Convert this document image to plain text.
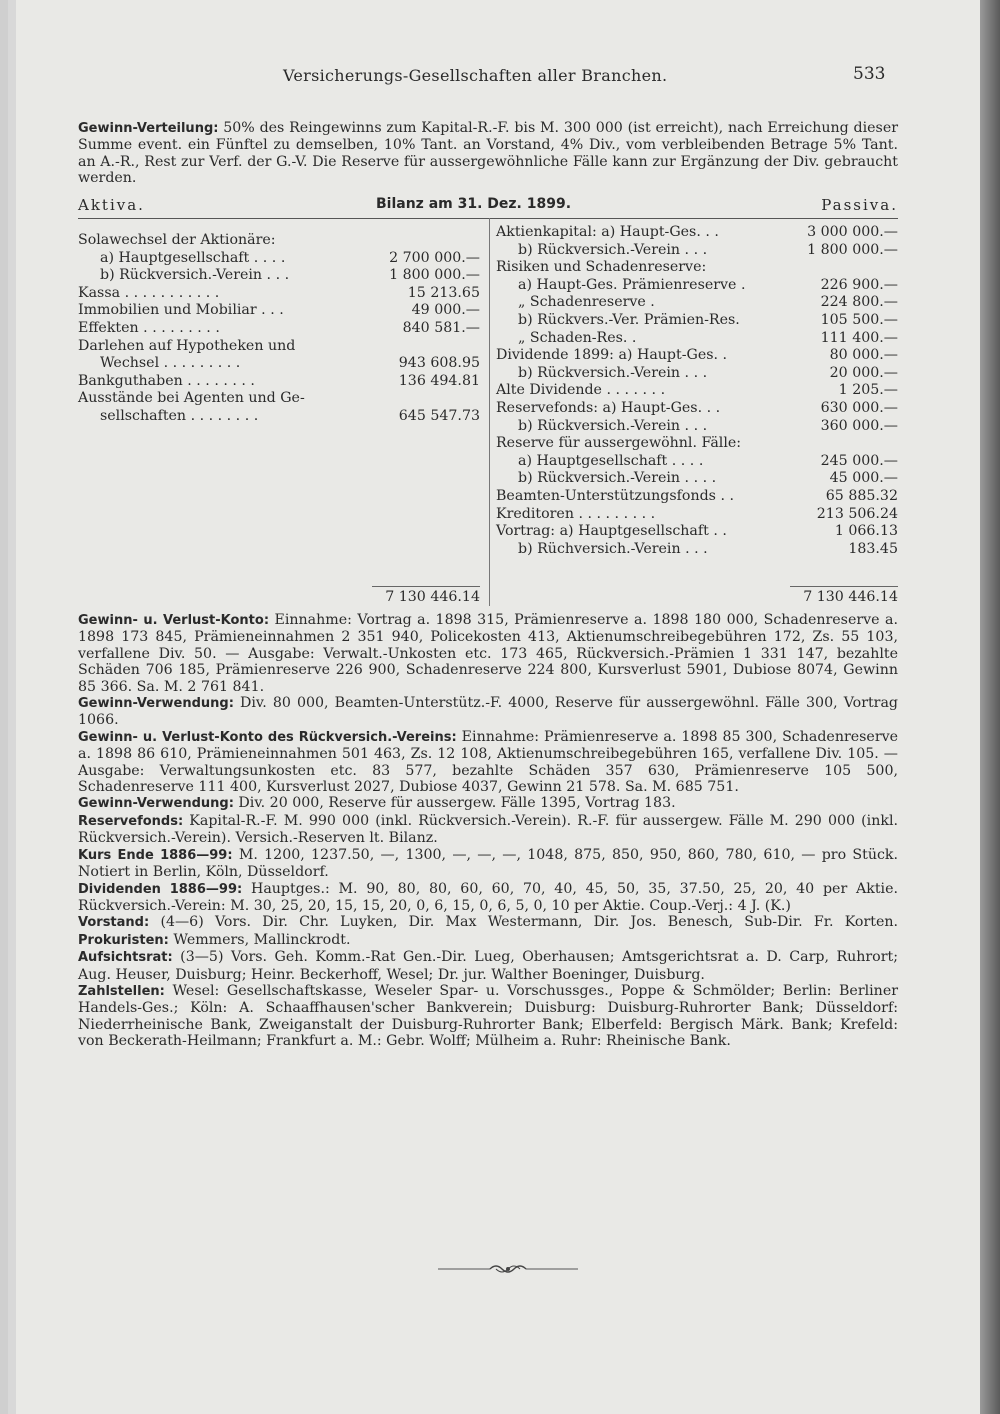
Versicherungs-Gesellschaften aller Branchen.	533
Gewinn-Verteilung: 50% des Reingewinns zum Kapital-R.-F. bis M. 300 000 (ist erreicht), nach Erreichung dieser Summe event. ein Fünftel zu demselben, 10% Tant. an Vorstand, 4% Div., vom verbleibenden Betrage 5% Tant. an A.-R., Rest zur Verf. der G.-V. Die Reserve für aussergewöhnliche Fälle kann zur Ergänzung der Div. gebraucht werden.
Aktiva.	Bilanz am 31. Dez. 1899.	Passiva.
Solawechsel der Aktionäre:
a) Hauptgesellschaft . . . .	2 700 000.—
b) Rückversich.-Verein . . .	1 800 000.—
Kassa . . . . . . . . . . .	15 213.65
Immobilien und Mobiliar . . .	49 000.—
Effekten . . . . . . . . .	840 581.—
Darlehen auf Hypotheken und
Wechsel . . . . . . . . .	943 608.95
Bankguthaben . . . . . . . .	136 494.81
Ausstände bei Agenten und Ge-
sellschaften . . . . . . . .	645 547.73
Aktienkapital: a) Haupt-Ges. . .	3 000 000.—
b) Rückversich.-Verein . . .	1 800 000.—
Risiken und Schadenreserve:
a) Haupt-Ges. Prämienreserve .	226 900.—
„ Schadenreserve .	224 800.—
b) Rückvers.-Ver. Prämien-Res.	105 500.—
„ Schaden-Res. .	111 400.—
Dividende 1899: a) Haupt-Ges. .	80 000.—
b) Rückversich.-Verein . . .	20 000.—
Alte Dividende . . . . . . .	1 205.—
Reservefonds: a) Haupt-Ges. . .	630 000.—
b) Rückversich.-Verein . . .	360 000.—
Reserve für aussergewöhnl. Fälle:
a) Hauptgesellschaft . . . .	245 000.—
b) Rückversich.-Verein . . . .	45 000.—
Beamten-Unterstützungsfonds . .	65 885.32
Kreditoren . . . . . . . . .	213 506.24
Vortrag: a) Hauptgesellschaft . .	1 066.13
b) Rüchversich.-Verein . . .	183.45
7 130 446.14	7 130 446.14
Gewinn- u. Verlust-Konto: Einnahme: Vortrag a. 1898 315, Prämienreserve a. 1898 180 000, Schadenreserve a. 1898 173 845, Prämieneinnahmen 2 351 940, Policekosten 413, Aktienumschreibegebühren 172, Zs. 55 103, verfallene Div. 50. — Ausgabe: Verwalt.-Unkosten etc. 173 465, Rückversich.-Prämien 1 331 147, bezahlte Schäden 706 185, Prämienreserve 226 900, Schadenreserve 224 800, Kursverlust 5901, Dubiose 8074, Gewinn 85 366. Sa. M. 2 761 841.
Gewinn-Verwendung: Div. 80 000, Beamten-Unterstütz.-F. 4000, Reserve für aussergewöhnl. Fälle 300, Vortrag 1066.
Gewinn- u. Verlust-Konto des Rückversich.-Vereins: Einnahme: Prämienreserve a. 1898 85 300, Schadenreserve a. 1898 86 610, Prämieneinnahmen 501 463, Zs. 12 108, Aktienumschreibegebühren 165, verfallene Div. 105. — Ausgabe: Verwaltungsunkosten etc. 83 577, bezahlte Schäden 357 630, Prämienreserve 105 500, Schadenreserve 111 400, Kursverlust 2027, Dubiose 4037, Gewinn 21 578. Sa. M. 685 751.
Gewinn-Verwendung: Div. 20 000, Reserve für aussergew. Fälle 1395, Vortrag 183.
Reservefonds: Kapital-R.-F. M. 990 000 (inkl. Rückversich.-Verein). R.-F. für aussergew. Fälle M. 290 000 (inkl. Rückversich.-Verein). Versich.-Reserven lt. Bilanz.
Kurs Ende 1886—99: M. 1200, 1237.50, —, 1300, —, —, —, 1048, 875, 850, 950, 860, 780, 610, — pro Stück. Notiert in Berlin, Köln, Düsseldorf.
Dividenden 1886—99: Hauptges.: M. 90, 80, 80, 60, 60, 70, 40, 45, 50, 35, 37.50, 25, 20, 40 per Aktie. Rückversich.-Verein: M. 30, 25, 20, 15, 15, 20, 0, 6, 15, 0, 6, 5, 0, 10 per Aktie. Coup.-Verj.: 4 J. (K.)
Vorstand: (4—6) Vors. Dir. Chr. Luyken, Dir. Max Westermann, Dir. Jos. Benesch, Sub-Dir. Fr. Korten. Prokuristen: Wemmers, Mallinckrodt.
Aufsichtsrat: (3—5) Vors. Geh. Komm.-Rat Gen.-Dir. Lueg, Oberhausen; Amtsgerichtsrat a. D. Carp, Ruhrort; Aug. Heuser, Duisburg; Heinr. Beckerhoff, Wesel; Dr. jur. Walther Boeninger, Duisburg.
Zahlstellen: Wesel: Gesellschaftskasse, Weseler Spar- u. Vorschussges., Poppe & Schmölder; Berlin: Berliner Handels-Ges.; Köln: A. Schaaffhausen'scher Bankverein; Duisburg: Duisburg-Ruhrorter Bank; Düsseldorf: Niederrheinische Bank, Zweiganstalt der Duisburg-Ruhrorter Bank; Elberfeld: Bergisch Märk. Bank; Krefeld: von Beckerath-Heilmann; Frankfurt a. M.: Gebr. Wolff; Mülheim a. Ruhr: Rheinische Bank.
